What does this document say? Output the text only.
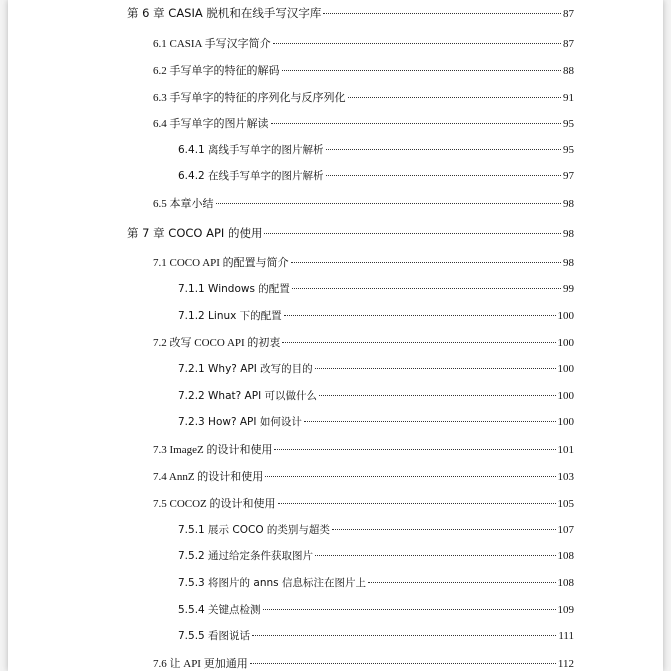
第 6 章 CASIA 脱机和在线手写汉字库	87
6.1 CASIA 手写汉字简介	87
6.2 手写单字的特征的解码	88
6.3 手写单字的特征的序列化与反序列化	91
6.4 手写单字的图片解读	95
6.4.1 离线手写单字的图片解析	95
6.4.2 在线手写单字的图片解析	97
6.5 本章小结	98
第 7 章 COCO API 的使用	98
7.1 COCO API 的配置与简介	98
7.1.1 Windows 的配置	99
7.1.2 Linux 下的配置	100
7.2 改写 COCO API 的初衷	100
7.2.1 Why? API 改写的目的	100
7.2.2 What? API 可以做什么	100
7.2.3 How? API 如何设计	100
7.3 ImageZ 的设计和使用	101
7.4 AnnZ 的设计和使用	103
7.5 COCOZ 的设计和使用	105
7.5.1 展示 COCO 的类别与超类	107
7.5.2 通过给定条件获取图片	108
7.5.3 将图片的 anns 信息标注在图片上	108
5.5.4 关键点检测	109
7.5.5 看图说话	111
7.6 让 API 更加通用	112
